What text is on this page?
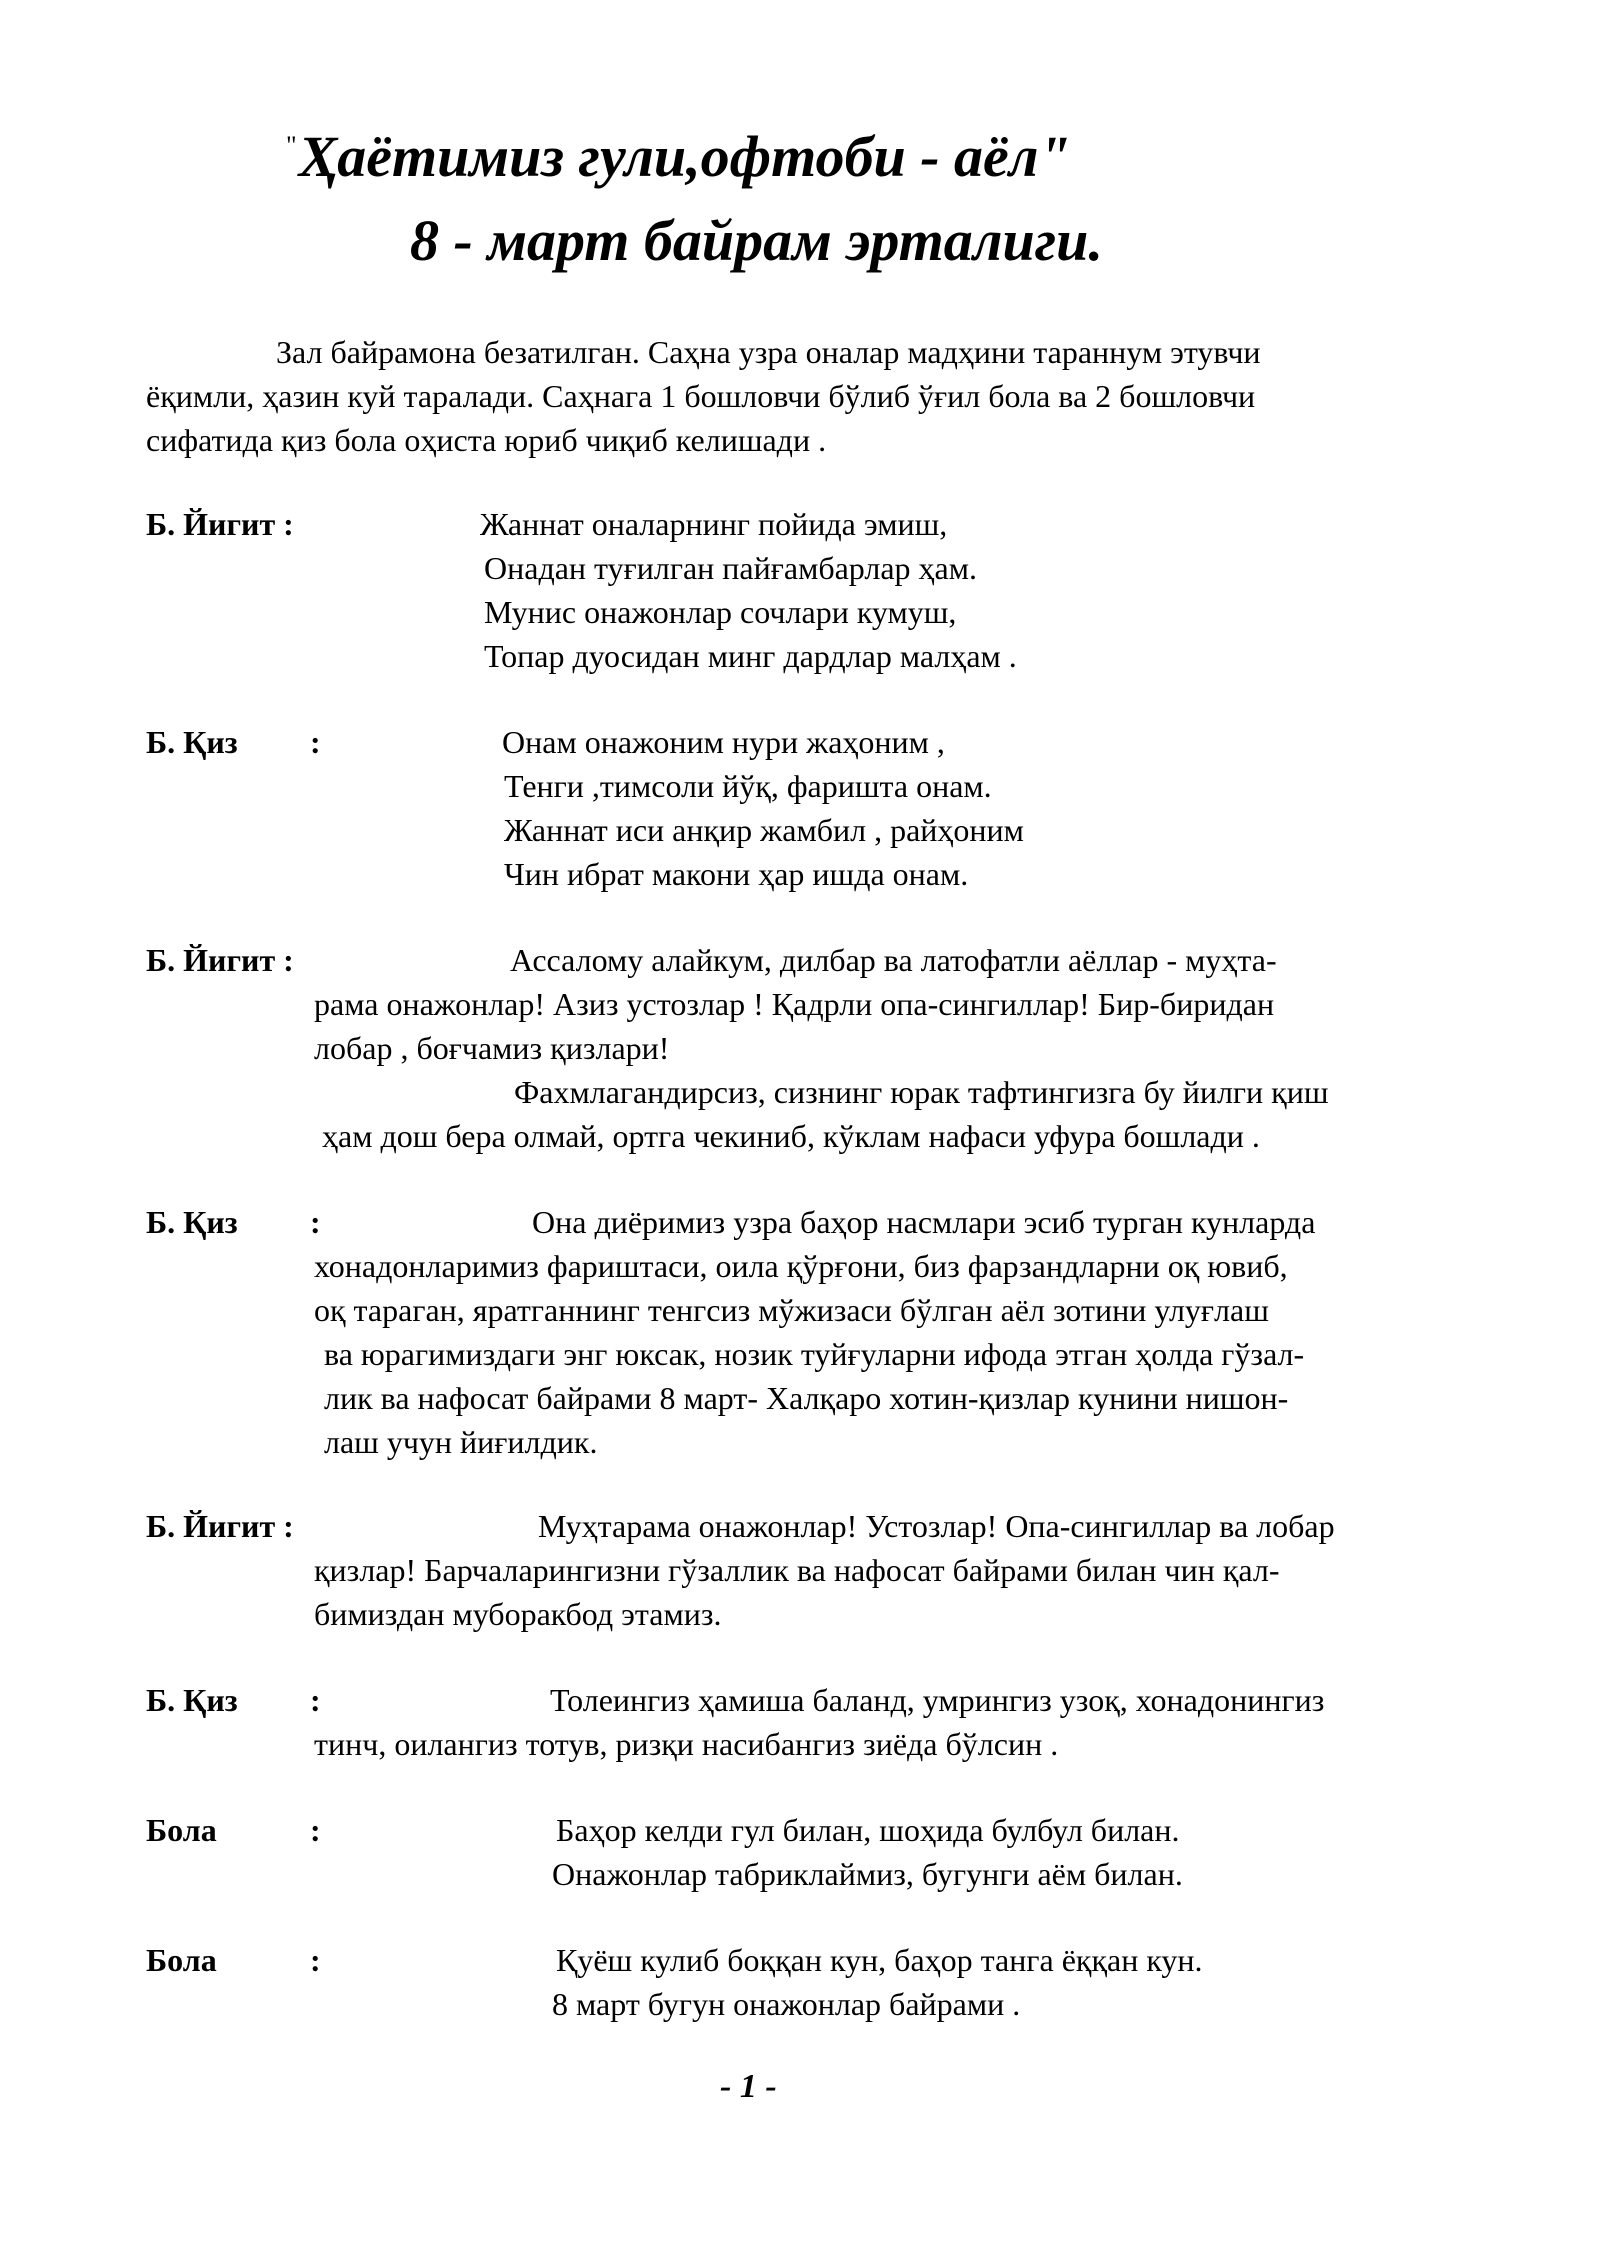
"Ҳаётимиз гули,офтоби - аёл"
8 - март байрам эрталиги.
Зал байрамона безатилган. Саҳна узра оналар мадҳини тараннум этувчи
ёқимли, ҳазин куй таралади. Саҳнага 1 бошловчи бўлиб ўғил бола ва 2 бошловчи
сифатида қиз бола оҳиста юриб чиқиб келишади .
Б. Йигит :	Жаннат оналарнинг пойида эмиш,
Онадан туғилган пайғамбарлар ҳам.
Мунис онажонлар сочлари кумуш,
Топар дуосидан минг дардлар малҳам .
Б. Қиз :	Онам онажоним нури жаҳоним ,
Тенги ,тимсоли йўқ, фаришта онам.
Жаннат иси анқир жамбил , райҳоним
Чин ибрат макони ҳар ишда онам.
Б. Йигит :	Ассалому алайкум, дилбар ва латофатли аёллар - муҳта-
рама онажонлар! Азиз устозлар ! Қадрли опа-сингиллар! Бир-биридан
лобар , боғчамиз қизлари!
Фахмлагандирсиз, сизнинг юрак тафтингизга бу йилги қиш
ҳам дош бера олмай, ортга чекиниб, кўклам нафаси уфура бошлади .
Б. Қиз :	Она диёримиз узра баҳор насмлари эсиб турган кунларда
хонадонларимиз фариштаси, оила қўрғони, биз фарзандларни оқ ювиб,
оқ тараган, яратганнинг тенгсиз мўжизаси бўлган аёл зотини улуғлаш
ва юрагимиздаги энг юксак, нозик туйғуларни ифода этган ҳолда гўзал-
лик ва нафосат байрами 8 март- Халқаро хотин-қизлар кунини нишон-
лаш учун йиғилдик.
Б. Йигит :	Муҳтарама онажонлар! Устозлар! Опа-сингиллар ва лобар
қизлар! Барчаларингизни гўзаллик ва нафосат байрами билан чин қал-
бимиздан муборакбод этамиз.
Б. Қиз :	Толеингиз ҳамиша баланд, умрингиз узоқ, хонадонингиз
тинч, оилангиз тотув, ризқи насибангиз зиёда бўлсин .
Бола	:	Баҳор келди гул билан, шоҳида булбул билан.
Онажонлар табриклаймиз, бугунги аём билан.
Бола	:	Қуёш кулиб боққан кун, баҳор танга ёққан кун.
8 март бугун онажонлар байрами .
- 1 -
